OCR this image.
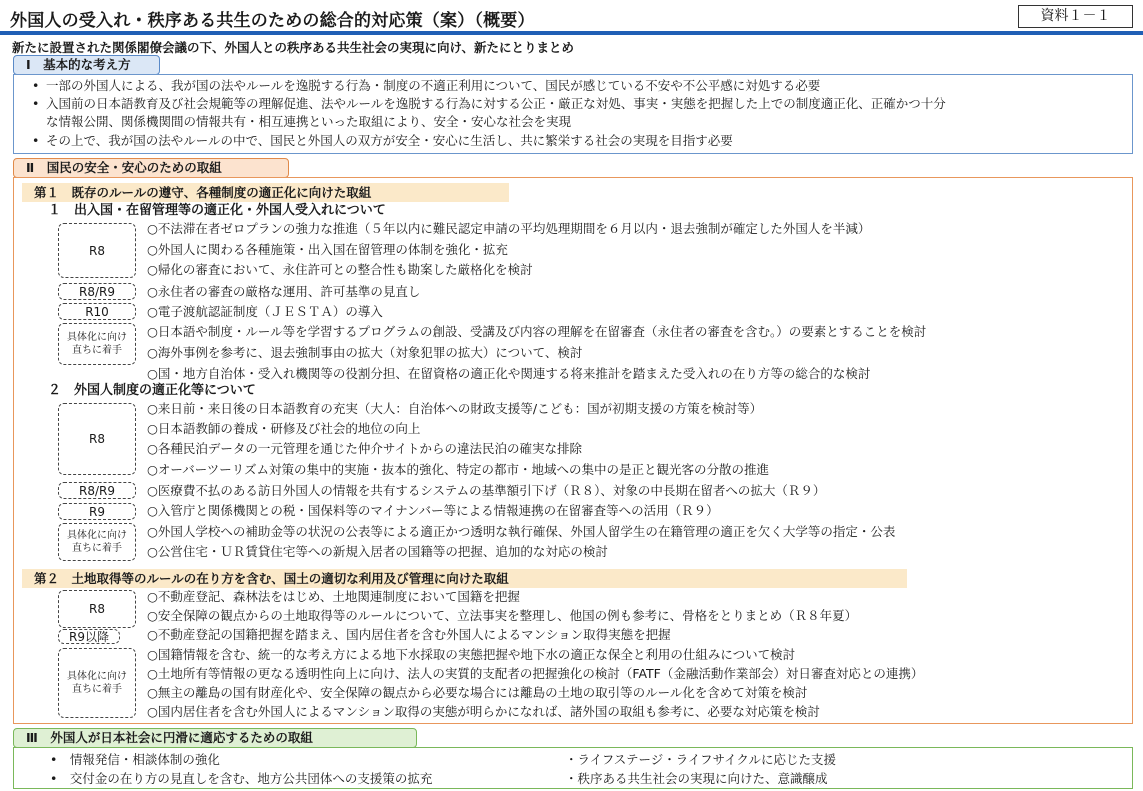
外国人の受入れ・秩序ある共生のための総合的対応策（案）（概要）	資料１－１
新たに設置された関係閣僚会議の下、外国人との秩序ある共生社会の実現に向け、新たにとりまとめ
Ⅰ　基本的な考え方
• 一部の外国人による、我が国の法やルールを逸脱する行為・制度の不適正利用について、国民が感じている不安や不公平感に対処する必要
• 入国前の日本語教育及び社会規範等の理解促進、法やルールを逸脱する行為に対する公正・厳正な対処、事実・実態を把握した上での制度適正化、正確かつ十分
な情報公開、関係機関間の情報共有・相互連携といった取組により、安全・安心な社会を実現
• その上で、我が国の法やルールの中で、国民と外国人の双方が安全・安心に生活し、共に繁栄する社会の実現を目指す必要
Ⅱ　国民の安全・安心のための取組
第１　既存のルールの遵守、各種制度の適正化に向けた取組
１　出入国・在留管理等の適正化・外国人受入れについて
R8
R8/R9
R10
具体化に向け
直ちに着手
○不法滞在者ゼロプランの強力な推進（５年以内に難民認定申請の平均処理期間を６月以内・退去強制が確定した外国人を半減）
○外国人に関わる各種施策・出入国在留管理の体制を強化・拡充
○帰化の審査において、永住許可との整合性も勘案した厳格化を検討
○永住者の審査の厳格な運用、許可基準の見直し
○電子渡航認証制度（ＪＥＳＴＡ）の導入
○日本語や制度・ルール等を学習するプログラムの創設、受講及び内容の理解を在留審査（永住者の審査を含む。）の要素とすることを検討
○海外事例を参考に、退去強制事由の拡大（対象犯罪の拡大）について、検討
○国・地方自治体・受入れ機関等の役割分担、在留資格の適正化や関連する将来推計を踏まえた受入れの在り方等の総合的な検討
２　外国人制度の適正化等について
R8
R8/R9
R9
具体化に向け
直ちに着手
○来日前・来日後の日本語教育の充実（大人：自治体への財政支援等/こども：国が初期支援の方策を検討等）
○日本語教師の養成・研修及び社会的地位の向上
○各種民泊データの一元管理を通じた仲介サイトからの違法民泊の確実な排除
○オーバーツーリズム対策の集中的実施・抜本的強化、特定の都市・地域への集中の是正と観光客の分散の推進
○医療費不払のある訪日外国人の情報を共有するシステムの基準額引下げ（Ｒ８）、対象の中長期在留者への拡大（Ｒ９）
○入管庁と関係機関との税・国保料等のマイナンバー等による情報連携の在留審査等への活用（Ｒ９）
○外国人学校への補助金等の状況の公表等による適正かつ透明な執行確保、外国人留学生の在籍管理の適正を欠く大学等の指定・公表
○公営住宅・ＵＲ賃貸住宅等への新規入居者の国籍等の把握、追加的な対応の検討
第２　土地取得等のルールの在り方を含む、国土の適切な利用及び管理に向けた取組
R8
R9以降
具体化に向け
直ちに着手
○不動産登記、森林法をはじめ、土地関連制度において国籍を把握
○安全保障の観点からの土地取得等のルールについて、立法事実を整理し、他国の例も参考に、骨格をとりまとめ（Ｒ８年夏）
○不動産登記の国籍把握を踏まえ、国内居住者を含む外国人によるマンション取得実態を把握
○国籍情報を含む、統一的な考え方による地下水採取の実態把握や地下水の適正な保全と利用の仕組みについて検討
○土地所有等情報の更なる透明性向上に向け、法人の実質的支配者の把握強化の検討（FATF（金融活動作業部会）対日審査対応との連携）
○無主の離島の国有財産化や、安全保障の観点から必要な場合には離島の土地の取引等のルール化を含めて対策を検討
○国内居住者を含む外国人によるマンション取得の実態が明らかになれば、諸外国の取組も参考に、必要な対応策を検討
Ⅲ　外国人が日本社会に円滑に適応するための取組
•　情報発信・相談体制の強化
•　交付金の在り方の見直しを含む、地方公共団体への支援策の拡充
・ライフステージ・ライフサイクルに応じた支援
・秩序ある共生社会の実現に向けた、意識醸成
